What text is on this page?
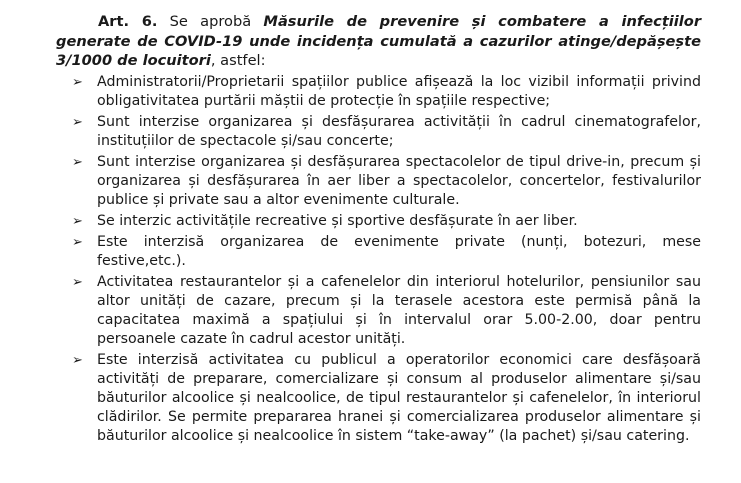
Art. 6. Se aprobă Măsurile de prevenire și combatere a infecțiilor generate de COVID-19 unde incidența cumulată a cazurilor atinge/depășește 3/1000 de locuitori, astfel:

➢ Administratorii/Proprietarii spațiilor publice afișează la loc vizibil informații privind obligativitatea purtării măștii de protecție în spațiile respective;
➢ Sunt interzise organizarea și desfășurarea activității în cadrul cinematografelor, instituțiilor de spectacole și/sau concerte;
➢ Sunt interzise organizarea și desfășurarea spectacolelor de tipul drive-in, precum și organizarea și desfășurarea în aer liber a spectacolelor, concertelor, festivalurilor publice și private sau a altor evenimente culturale.
➢ Se interzic activitățile recreative și sportive desfășurate în aer liber.
➢ Este interzisă organizarea de evenimente private (nunți, botezuri, mese festive,etc.).
➢ Activitatea restaurantelor și a cafenelelor din interiorul hotelurilor, pensiunilor sau altor unități de cazare, precum și la terasele acestora este permisă până la capacitatea maximă a spațiului și în intervalul orar 5.00-2.00, doar pentru persoanele cazate în cadrul acestor unități.
➢ Este interzisă activitatea cu publicul a operatorilor economici care desfășoară activități de preparare, comercializare și consum al produselor alimentare și/sau băuturilor alcoolice și nealcoolice, de tipul restaurantelor și cafenelelor, în interiorul clădirilor. Se permite prepararea hranei și comercializarea produselor alimentare și băuturilor alcoolice și nealcoolice în sistem “take-away” (la pachet) și/sau catering.
